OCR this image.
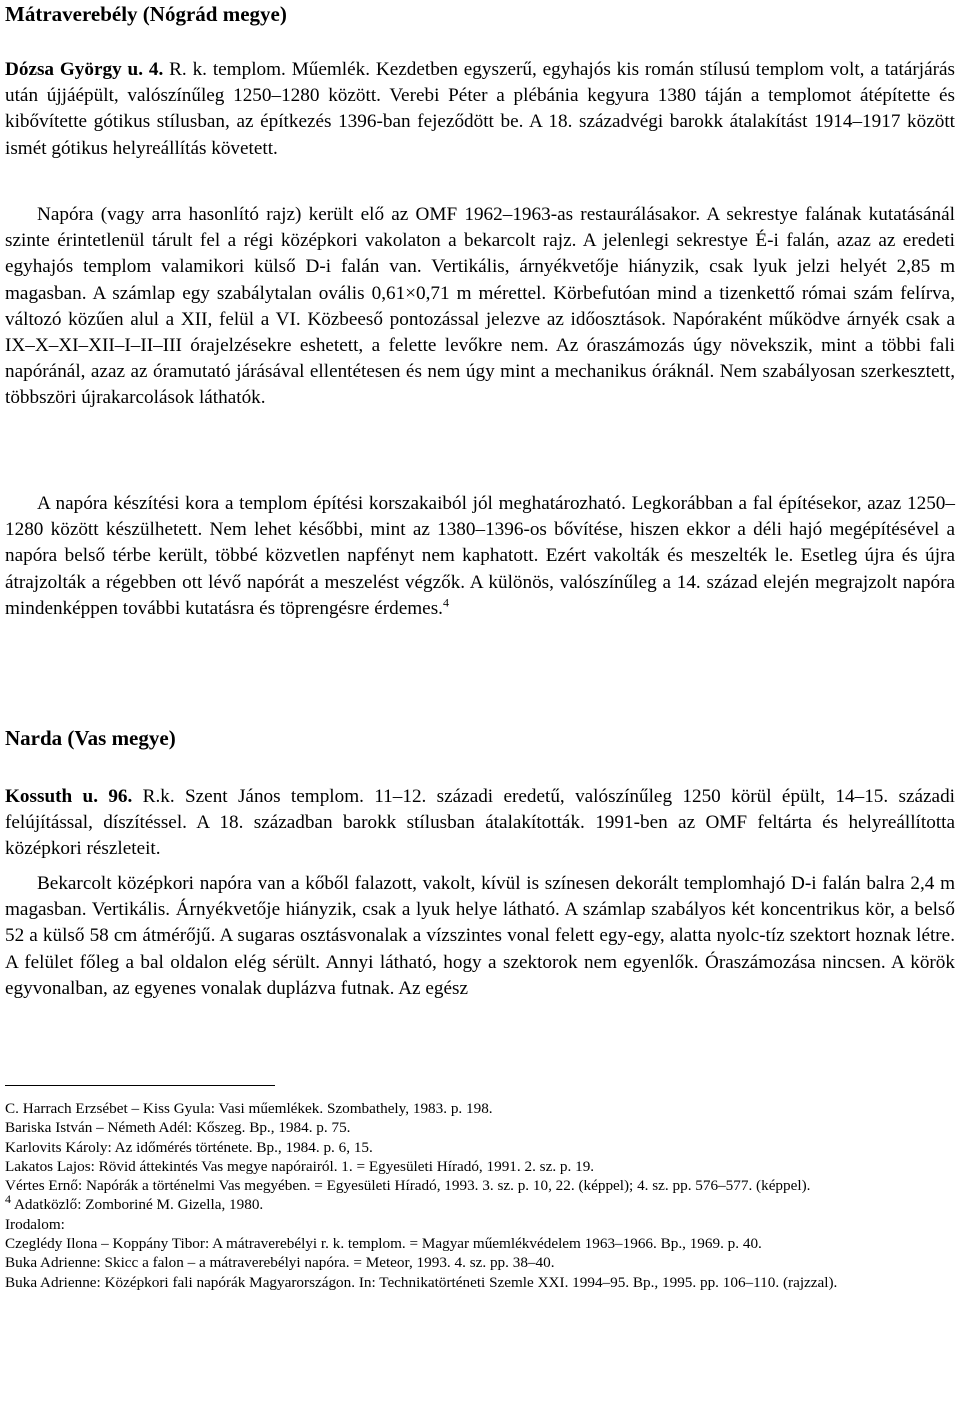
Mátraverebély (Nógrád megye)

Dózsa György u. 4. R. k. templom. Műemlék. Kezdetben egyszerű, egyhajós kis román stílusú templom volt, a tatárjárás után újjáépült, valószínűleg 1250–1280 között. Verebi Péter a plébánia kegyura 1380 táján a templomot átépítette és kibővítette gótikus stílusban, az építkezés 1396-ban fejeződött be. A 18. századvégi barokk átalakítást 1914–1917 között ismét gótikus helyreállítás követett.

Napóra (vagy arra hasonlító rajz) került elő az OMF 1962–1963-as restaurálásakor. A sekrestye falának kutatásánál szinte érintetlenül tárult fel a régi középkori vakolaton a bekarcolt rajz. A jelenlegi sekrestye É-i falán, azaz az eredeti egyhajós templom valamikori külső D-i falán van. Vertikális, árnyékvetője hiányzik, csak lyuk jelzi helyét 2,85 m magasban. A számlap egy szabálytalan ovális 0,61×0,71 m mérettel. Körbefutóan mind a tizenkettő római szám felírva, változó közűen alul a XII, felül a VI. Közbeeső pontozással jelezve az időosztások. Napóraként működve árnyék csak a IX–X–XI–XII–I–II–III órajelzésekre eshetett, a felette levőkre nem. Az óraszámozás úgy növekszik, mint a többi fali napóránál, azaz az óramutató járásával ellentétesen és nem úgy mint a mechanikus óráknál. Nem szabályosan szerkesztett, többszöri újrakarcolások láthatók.

A napóra készítési kora a templom építési korszakaiból jól meghatározható. Legkorábban a fal építésekor, azaz 1250–1280 között készülhetett. Nem lehet későbbi, mint az 1380–1396-os bővítése, hiszen ekkor a déli hajó megépítésével a napóra belső térbe került, többé közvetlen napfényt nem kaphatott. Ezért vakolták és meszelték le. Esetleg újra és újra átrajzolták a régebben ott lévő napórát a meszelést végzők. A különös, valószínűleg a 14. század elején megrajzolt napóra mindenképpen további kutatásra és töprengésre érdemes.$^4$

Narda (Vas megye)

Kossuth u. 96. R.k. Szent János templom. 11–12. századi eredetű, valószínűleg 1250 körül épült, 14–15. századi felújítással, díszítéssel. A 18. században barokk stílusban átalakították. 1991-ben az OMF feltárta és helyreállította középkori részleteit.

Bekarcolt középkori napóra van a kőből falazott, vakolt, kívül is színesen dekorált templomhajó D-i falán balra 2,4 m magasban. Vertikális. Árnyékvetője hiányzik, csak a lyuk helye látható. A számlap szabályos két koncentrikus kör, a belső 52 a külső 58 cm átmérőjű. A sugaras osztásvonalak a vízszintes vonal felett egy-egy, alatta nyolc-tíz szektort hoznak létre. A felület főleg a bal oldalon elég sérült. Annyi látható, hogy a szektorok nem egyenlők. Óraszámozása nincsen. A körök egyvonalban, az egyenes vonalak duplázva futnak. Az egész

C. Harrach Erzsébet – Kiss Gyula: Vasi műemlékek. Szombathely, 1983. p. 198.
Bariska István – Németh Adél: Kőszeg. Bp., 1984. p. 75.
Karlovits Károly: Az időmérés története. Bp., 1984. p. 6, 15.
Lakatos Lajos: Rövid áttekintés Vas megye napórairól. 1. = Egyesületi Híradó, 1991. 2. sz. p. 19.
Vértes Ernő: Napórák a történelmi Vas megyében. = Egyesületi Híradó, 1993. 3. sz. p. 10, 22. (képpel); 4. sz. pp. 576–577. (képpel).
$^4$ Adatközlő: Zomboriné M. Gizella, 1980.
Irodalom:
Czeglédy Ilona – Koppány Tibor: A mátraverebélyi r. k. templom. = Magyar műemlékvédelem 1963–1966. Bp., 1969. p. 40.
Buka Adrienne: Skicc a falon – a mátraverebélyi napóra. = Meteor, 1993. 4. sz. pp. 38–40.
Buka Adrienne: Középkori fali napórák Magyarországon. In: Technikatörténeti Szemle XXI. 1994–95. Bp., 1995. pp. 106–110. (rajzzal).
